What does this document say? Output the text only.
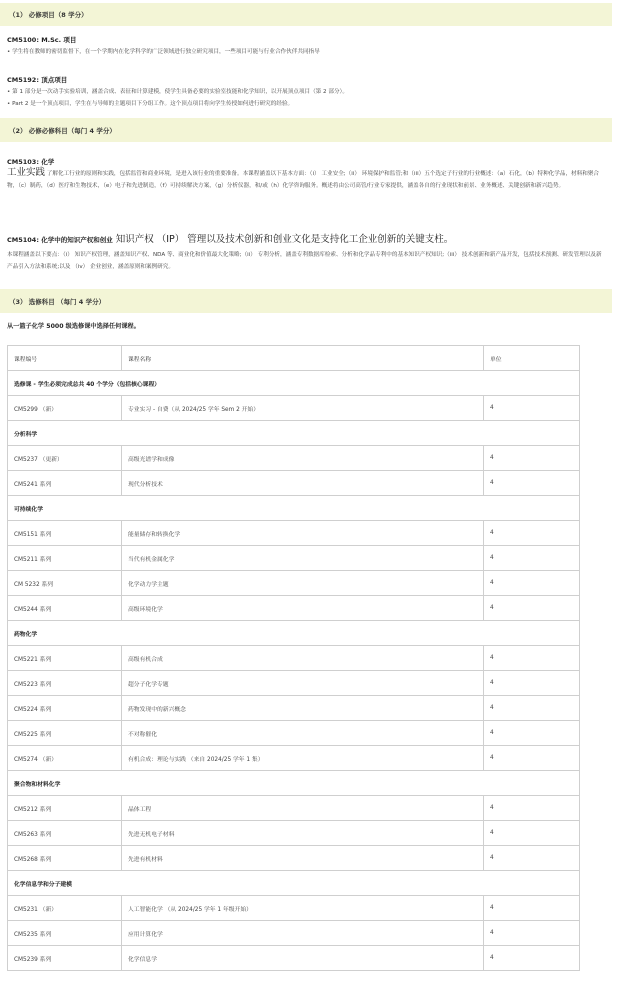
（1） 必修项目（8 学分）
CM5100: M.Sc. 项目
• 学生将在教师的密切监督下，在一个学期内在化学科学的广泛领域进行独立研究项目，一些项目可能与行业合作伙伴共同指导
CM5192: 顶点项目
• 第 1 部分是一次动手实验培训，涵盖合成、表征和计算建模，使学生具备必要的实验室技能和化学知识，以开展顶点项目（第 2 部分）。
• Part 2 是一个顶点项目，学生在与导师的主题项目下分组工作。这个顶点项目将向学生传授如何进行研究的经验。
（2） 必修必修科目（每门 4 学分）
CM5103: 化学
工业实践 了解化工行业的原则和实践，包括监管和商业环境，是进入该行业的重要准备。本课程涵盖以下基本方面：（i） 工业安全;（ii） 环境保护和监管;和（iii）五个选定子行业的行业概述：（a）石化，（b）特种化学品，材料和聚合物，（c）制药，（d）医疗和生物技术，（e）电子和先进制造，（f）可持续解决方案，（g）分析仪器，和/或（h）化学咨询服务。概述将由公司高管/行业专家提供，涵盖各自的行业现状和前景、业务概述、关键创新和新兴趋势。
CM5104: 化学中的知识产权和创业 知识产权 （IP） 管理以及技术创新和创业文化是支持化工企业创新的关键支柱。
本课程涵盖以下要点：（i） 知识产权管理，涵盖知识产权、NDA 等、商业化和价值最大化策略;（ii） 专利分析，涵盖专利数据库检索、分析和化学品专利中的基本知识产权知识;（iii） 技术创新和新产品开发，包括技术预测、研发管理以及新产品引入方法和系统;以及 （iv） 企业创业，涵盖原则和案例研究。
（3） 选修科目 （每门 4 学分）
从一篮子化学 5000 级选修课中选择任何课程。
课程编号	课程名称	单位
选修课 - 学生必须完成总共 40 个学分（包括核心课程）		
CM5299 （新）	专业实习 - 自费（从 2024/25 学年 Sem 2 开始）	4
分析科学		
CM5237 （更新）	高级光谱学和成像	4
CM5241 系列	现代分析技术	4
可持续化学		
CM5151 系列	能量储存和转换化学	4
CM5211 系列	当代有机金属化学	4
CM 5232 系列	化学动力学主题	4
CM5244 系列	高级环境化学	4
药物化学		
CM5221 系列	高级有机合成	4
CM5223 系列	超分子化学专题	4
CM5224 系列	药物发现中的新兴概念	4
CM5225 系列	不对称催化	4
CM5274 （新）	有机合成：理论与实践 （来自 2024/25 学年 1 集）	4
聚合物和材料化学		
CM5212 系列	晶体工程	4
CM5263 系列	先进无机电子材料	4
CM5268 系列	先进有机材料	4
化学信息学和分子建模		
CM5231 （新）	人工智能化学 （从 2024/25 学年 1 年级开始）	4
CM5235 系列	应用计算化学	4
CM5239 系列	化学信息学	4
